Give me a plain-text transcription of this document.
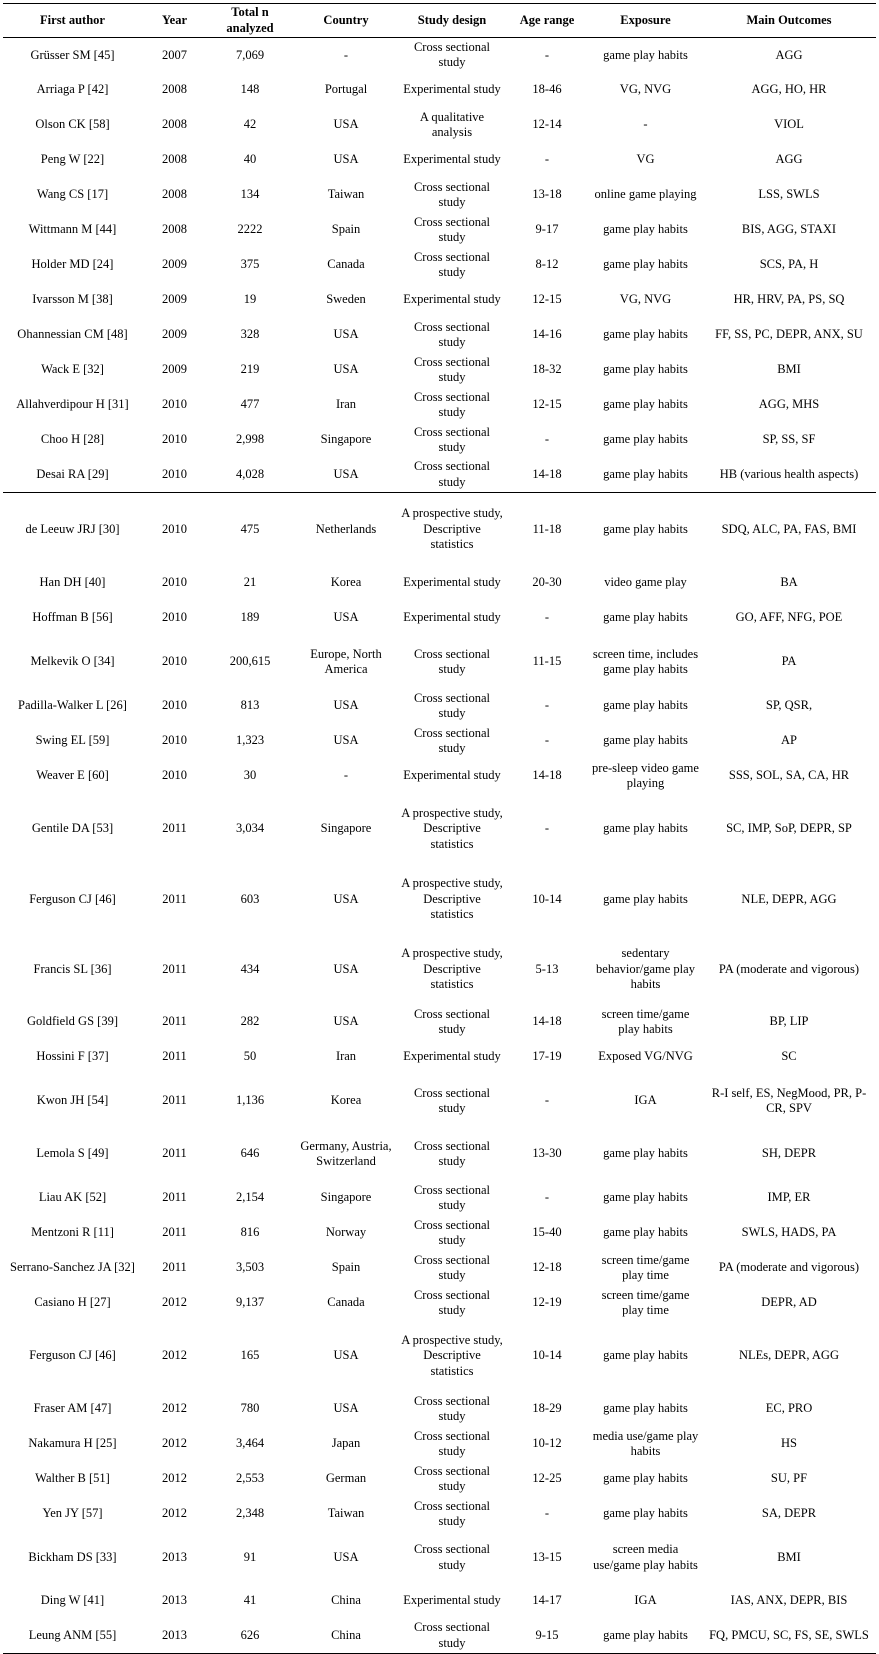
First author	Year	Total n analyzed	Country	Study design	Age range	Exposure	Main Outcomes
Grüsser SM [45]	2007	7,069	-	Cross sectional study	-	game play habits	AGG
Arriaga P [42]	2008	148	Portugal	Experimental study	18-46	VG, NVG	AGG, HO, HR
Olson CK [58]	2008	42	USA	A qualitative analysis	12-14	-	VIOL
Peng W [22]	2008	40	USA	Experimental study	-	VG	AGG
Wang CS [17]	2008	134	Taiwan	Cross sectional study	13-18	online game playing	LSS, SWLS
Wittmann M [44]	2008	2222	Spain	Cross sectional study	9-17	game play habits	BIS, AGG, STAXI
Holder MD [24]	2009	375	Canada	Cross sectional study	8-12	game play habits	SCS, PA, H
Ivarsson M [38]	2009	19	Sweden	Experimental study	12-15	VG, NVG	HR, HRV, PA, PS, SQ
Ohannessian CM [48]	2009	328	USA	Cross sectional study	14-16	game play habits	FF, SS, PC, DEPR, ANX, SU
Wack E [32]	2009	219	USA	Cross sectional study	18-32	game play habits	BMI
Allahverdipour H [31]	2010	477	Iran	Cross sectional study	12-15	game play habits	AGG, MHS
Choo H [28]	2010	2,998	Singapore	Cross sectional study	-	game play habits	SP, SS, SF
Desai RA [29]	2010	4,028	USA	Cross sectional study	14-18	game play habits	HB (various health aspects)
de Leeuw JRJ [30]	2010	475	Netherlands	A prospective study, Descriptive statistics	11-18	game play habits	SDQ, ALC, PA, FAS, BMI
Han DH [40]	2010	21	Korea	Experimental study	20-30	video game play	BA
Hoffman B [56]	2010	189	USA	Experimental study	-	game play habits	GO, AFF, NFG, POE
Melkevik O [34]	2010	200,615	Europe, North America	Cross sectional study	11-15	screen time, includes game play habits	PA
Padilla-Walker L [26]	2010	813	USA	Cross sectional study	-	game play habits	SP, QSR,
Swing EL [59]	2010	1,323	USA	Cross sectional study	-	game play habits	AP
Weaver E [60]	2010	30	-	Experimental study	14-18	pre-sleep video game playing	SSS, SOL, SA, CA, HR
Gentile DA [53]	2011	3,034	Singapore	A prospective study, Descriptive statistics	-	game play habits	SC, IMP, SoP, DEPR, SP
Ferguson CJ [46]	2011	603	USA	A prospective study, Descriptive statistics	10-14	game play habits	NLE, DEPR, AGG
Francis SL [36]	2011	434	USA	A prospective study, Descriptive statistics	5-13	sedentary behavior/game play habits	PA (moderate and vigorous)
Goldfield GS [39]	2011	282	USA	Cross sectional study	14-18	screen time/game play habits	BP, LIP
Hossini F [37]	2011	50	Iran	Experimental study	17-19	Exposed VG/NVG	SC
Kwon JH [54]	2011	1,136	Korea	Cross sectional study	-	IGA	R-I self, ES, NegMood, PR, P-CR, SPV
Lemola S [49]	2011	646	Germany, Austria, Switzerland	Cross sectional study	13-30	game play habits	SH, DEPR
Liau AK [52]	2011	2,154	Singapore	Cross sectional study	-	game play habits	IMP, ER
Mentzoni R [11]	2011	816	Norway	Cross sectional study	15-40	game play habits	SWLS, HADS, PA
Serrano-Sanchez JA [32]	2011	3,503	Spain	Cross sectional study	12-18	screen time/game play time	PA (moderate and vigorous)
Casiano H [27]	2012	9,137	Canada	Cross sectional study	12-19	screen time/game play time	DEPR, AD
Ferguson CJ [46]	2012	165	USA	A prospective study, Descriptive statistics	10-14	game play habits	NLEs, DEPR, AGG
Fraser AM [47]	2012	780	USA	Cross sectional study	18-29	game play habits	EC, PRO
Nakamura H [25]	2012	3,464	Japan	Cross sectional study	10-12	media use/game play habits	HS
Walther B [51]	2012	2,553	German	Cross sectional study	12-25	game play habits	SU, PF
Yen JY [57]	2012	2,348	Taiwan	Cross sectional study	-	game play habits	SA, DEPR
Bickham DS [33]	2013	91	USA	Cross sectional study	13-15	screen media use/game play habits	BMI
Ding W [41]	2013	41	China	Experimental study	14-17	IGA	IAS, ANX, DEPR, BIS
Leung ANM [55]	2013	626	China	Cross sectional study	9-15	game play habits	FQ, PMCU, SC, FS, SE, SWLS
